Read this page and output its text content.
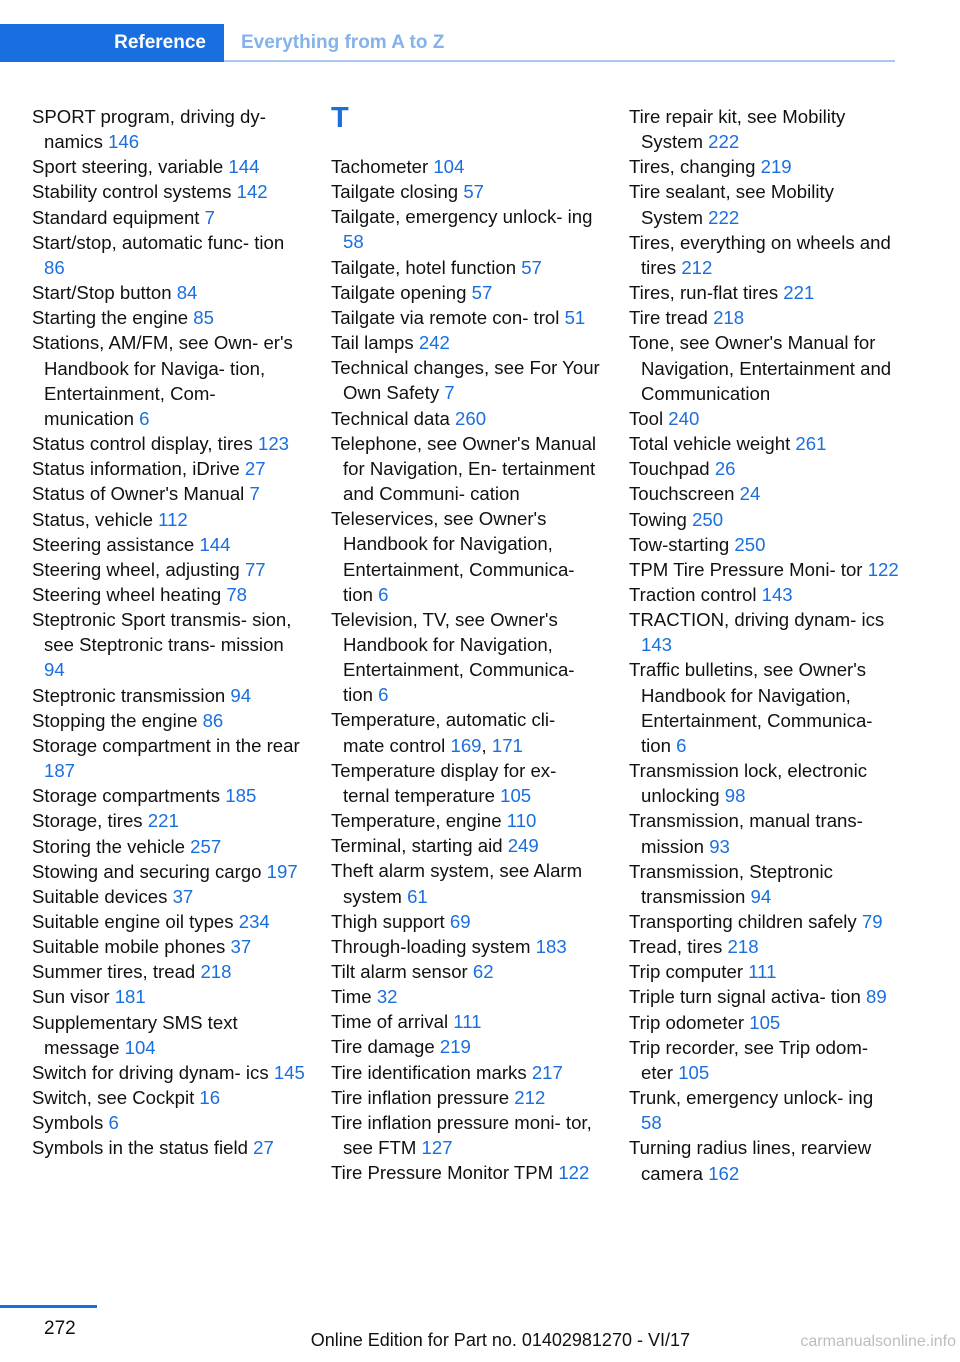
Reference	Everything from A to Z
SPORT program, driving dy‐ namics 146
Sport steering, variable 144
Stability control systems 142
Standard equipment 7
Start/stop, automatic func‐ tion 86
Start/Stop button 84
Starting the engine 85
Stations, AM/FM, see Own‐ er's Handbook for Naviga‐ tion, Entertainment, Com‐ munication 6
Status control display, tires 123
Status information, iDrive 27
Status of Owner's Manual 7
Status, vehicle 112
Steering assistance 144
Steering wheel, adjusting 77
Steering wheel heating 78
Steptronic Sport transmis‐ sion, see Steptronic trans‐ mission 94
Steptronic transmission 94
Stopping the engine 86
Storage compartment in the rear 187
Storage compartments 185
Storage, tires 221
Storing the vehicle 257
Stowing and securing cargo 197
Suitable devices 37
Suitable engine oil types 234
Suitable mobile phones 37
Summer tires, tread 218
Sun visor 181
Supplementary SMS text message 104
Switch for driving dynam‐ ics 145
Switch, see Cockpit 16
Symbols 6
Symbols in the status field 27
T
Tachometer 104
Tailgate closing 57
Tailgate, emergency unlock‐ ing 58
Tailgate, hotel function 57
Tailgate opening 57
Tailgate via remote con‐ trol 51
Tail lamps 242
Technical changes, see For Your Own Safety 7
Technical data 260
Telephone, see Owner's Manual for Navigation, En‐ tertainment and Communi‐ cation
Teleservices, see Owner's Handbook for Navigation, Entertainment, Communica‐ tion 6
Television, TV, see Owner's Handbook for Navigation, Entertainment, Communica‐ tion 6
Temperature, automatic cli‐ mate control 169, 171
Temperature display for ex‐ ternal temperature 105
Temperature, engine 110
Terminal, starting aid 249
Theft alarm system, see Alarm system 61
Thigh support 69
Through-loading system 183
Tilt alarm sensor 62
Time 32
Time of arrival 111
Tire damage 219
Tire identification marks 217
Tire inflation pressure 212
Tire inflation pressure moni‐ tor, see FTM 127
Tire Pressure Monitor TPM 122
Tire repair kit, see Mobility System 222
Tires, changing 219
Tire sealant, see Mobility System 222
Tires, everything on wheels and tires 212
Tires, run-flat tires 221
Tire tread 218
Tone, see Owner's Manual for Navigation, Entertainment and Communication
Tool 240
Total vehicle weight 261
Touchpad 26
Touchscreen 24
Towing 250
Tow-starting 250
TPM Tire Pressure Moni‐ tor 122
Traction control 143
TRACTION, driving dynam‐ ics 143
Traffic bulletins, see Owner's Handbook for Navigation, Entertainment, Communica‐ tion 6
Transmission lock, electronic unlocking 98
Transmission, manual trans‐ mission 93
Transmission, Steptronic transmission 94
Transporting children safely 79
Tread, tires 218
Trip computer 111
Triple turn signal activa‐ tion 89
Trip odometer 105
Trip recorder, see Trip odom‐ eter 105
Trunk, emergency unlock‐ ing 58
Turning radius lines, rearview camera 162
272
Online Edition for Part no. 01402981270 - VI/17	carmanualsonline.info
